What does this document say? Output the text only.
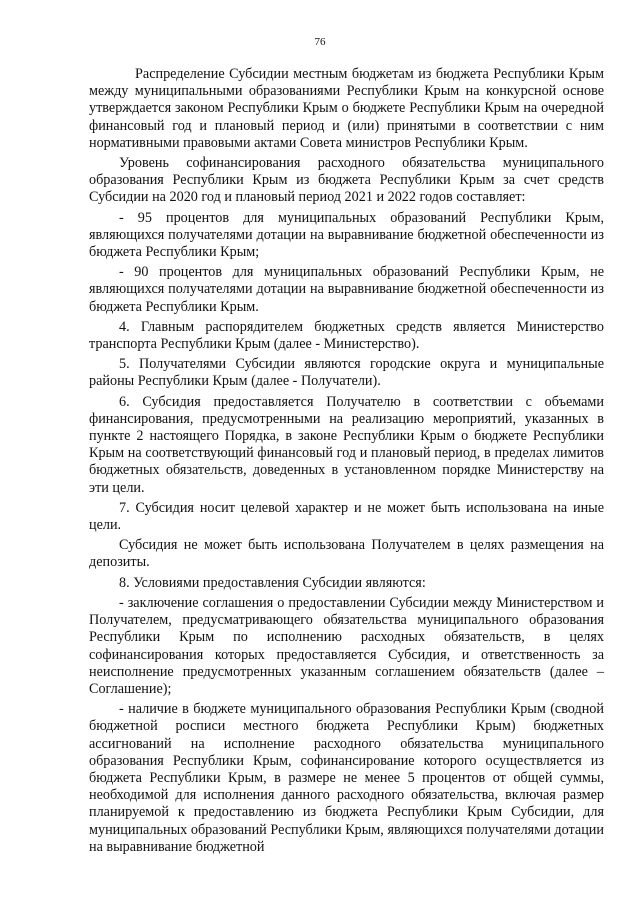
76

Распределение Субсидии местным бюджетам из бюджета Республики Крым между муниципальными образованиями Республики Крым на конкурсной основе утверждается законом Республики Крым о бюджете Республики Крым на очередной финансовый год и плановый период и (или) принятыми в соответствии с ним нормативными правовыми актами Совета министров Республики Крым.

Уровень софинансирования расходного обязательства муниципального образования Республики Крым из бюджета Республики Крым за счет средств Субсидии на 2020 год и плановый период 2021 и 2022 годов составляет:

- 95 процентов для муниципальных образований Республики Крым, являющихся получателями дотации на выравнивание бюджетной обеспеченности из бюджета Республики Крым;

- 90 процентов для муниципальных образований Республики Крым, не являющихся получателями дотации на выравнивание бюджетной обеспеченности из бюджета Республики Крым.

4. Главным распорядителем бюджетных средств является Министерство транспорта Республики Крым (далее - Министерство).

5. Получателями Субсидии являются городские округа и муниципальные районы Республики Крым (далее - Получатели).

6. Субсидия предоставляется Получателю в соответствии с объемами финансирования, предусмотренными на реализацию мероприятий, указанных в пункте 2 настоящего Порядка, в законе Республики Крым о бюджете Республики Крым на соответствующий финансовый год и плановый период, в пределах лимитов бюджетных обязательств, доведенных в установленном порядке Министерству на эти цели.

7. Субсидия носит целевой характер и не может быть использована на иные цели.

Субсидия не может быть использована Получателем в целях размещения на депозиты.

8. Условиями предоставления Субсидии являются:

- заключение соглашения о предоставлении Субсидии между Министерством и Получателем, предусматривающего обязательства муниципального образования Республики Крым по исполнению расходных обязательств, в целях софинансирования которых предоставляется Субсидия, и ответственность за неисполнение предусмотренных указанным соглашением обязательств (далее – Соглашение);

- наличие в бюджете муниципального образования Республики Крым (сводной бюджетной росписи местного бюджета Республики Крым) бюджетных ассигнований на исполнение расходного обязательства муниципального образования Республики Крым, софинансирование которого осуществляется из бюджета Республики Крым, в размере не менее 5 процентов от общей суммы, необходимой для исполнения данного расходного обязательства, включая размер планируемой к предоставлению из бюджета Республики Крым Субсидии, для муниципальных образований Республики Крым, являющихся получателями дотации на выравнивание бюджетной
